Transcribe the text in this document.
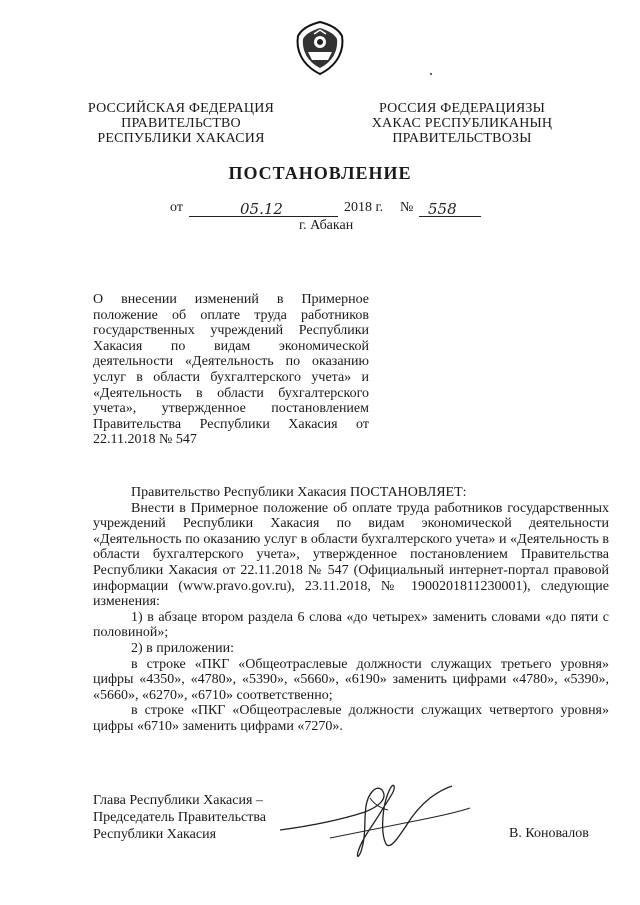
РОССИЙСКАЯ ФЕДЕРАЦИЯ
ПРАВИТЕЛЬСТВО
РЕСПУБЛИКИ ХАКАСИЯ
РОССИЯ ФЕДЕРАЦИЯЗЫ
ХАКАС РЕСПУБЛИКАНЫҢ
ПРАВИТЕЛЬСТВОЗЫ
ПОСТАНОВЛЕНИЕ
от	05.12	2018 г. № 558
г. Абакан
О внесении изменений в Примерное положение об оплате труда работников государственных учреждений Республики Хакасия по видам экономической деятельности «Деятельность по оказанию услуг в области бухгалтерского учета» и «Деятельность в области бухгалтерского учета», утвержденное постановлением Правительства Республики Хакасия от 22.11.2018 № 547

Правительство Республики Хакасия ПОСТАНОВЛЯЕТ:

Внести в Примерное положение об оплате труда работников государственных учреждений Республики Хакасия по видам экономической деятельности «Деятельность по оказанию услуг в области бухгалтерского учета» и «Деятельность в области бухгалтерского учета», утвержденное постановлением Правительства Республики Хакасия от 22.11.2018 № 547 (Официальный интернет-портал правовой информации (www.pravo.gov.ru), 23.11.2018, № 1900201811230001), следующие изменения:

1) в абзаце втором раздела 6 слова «до четырех» заменить словами «до пяти с половиной»;

2) в приложении:

в строке «ПКГ «Общеотраслевые должности служащих третьего уровня» цифры «4350», «4780», «5390», «5660», «6190» заменить цифрами «4780», «5390», «5660», «6270», «6710» соответственно;

в строке «ПКГ «Общеотраслевые должности служащих четвертого уровня» цифры «6710» заменить цифрами «7270».

Глава Республики Хакасия –
Председатель Правительства
Республики Хакасия	В. Коновалов
